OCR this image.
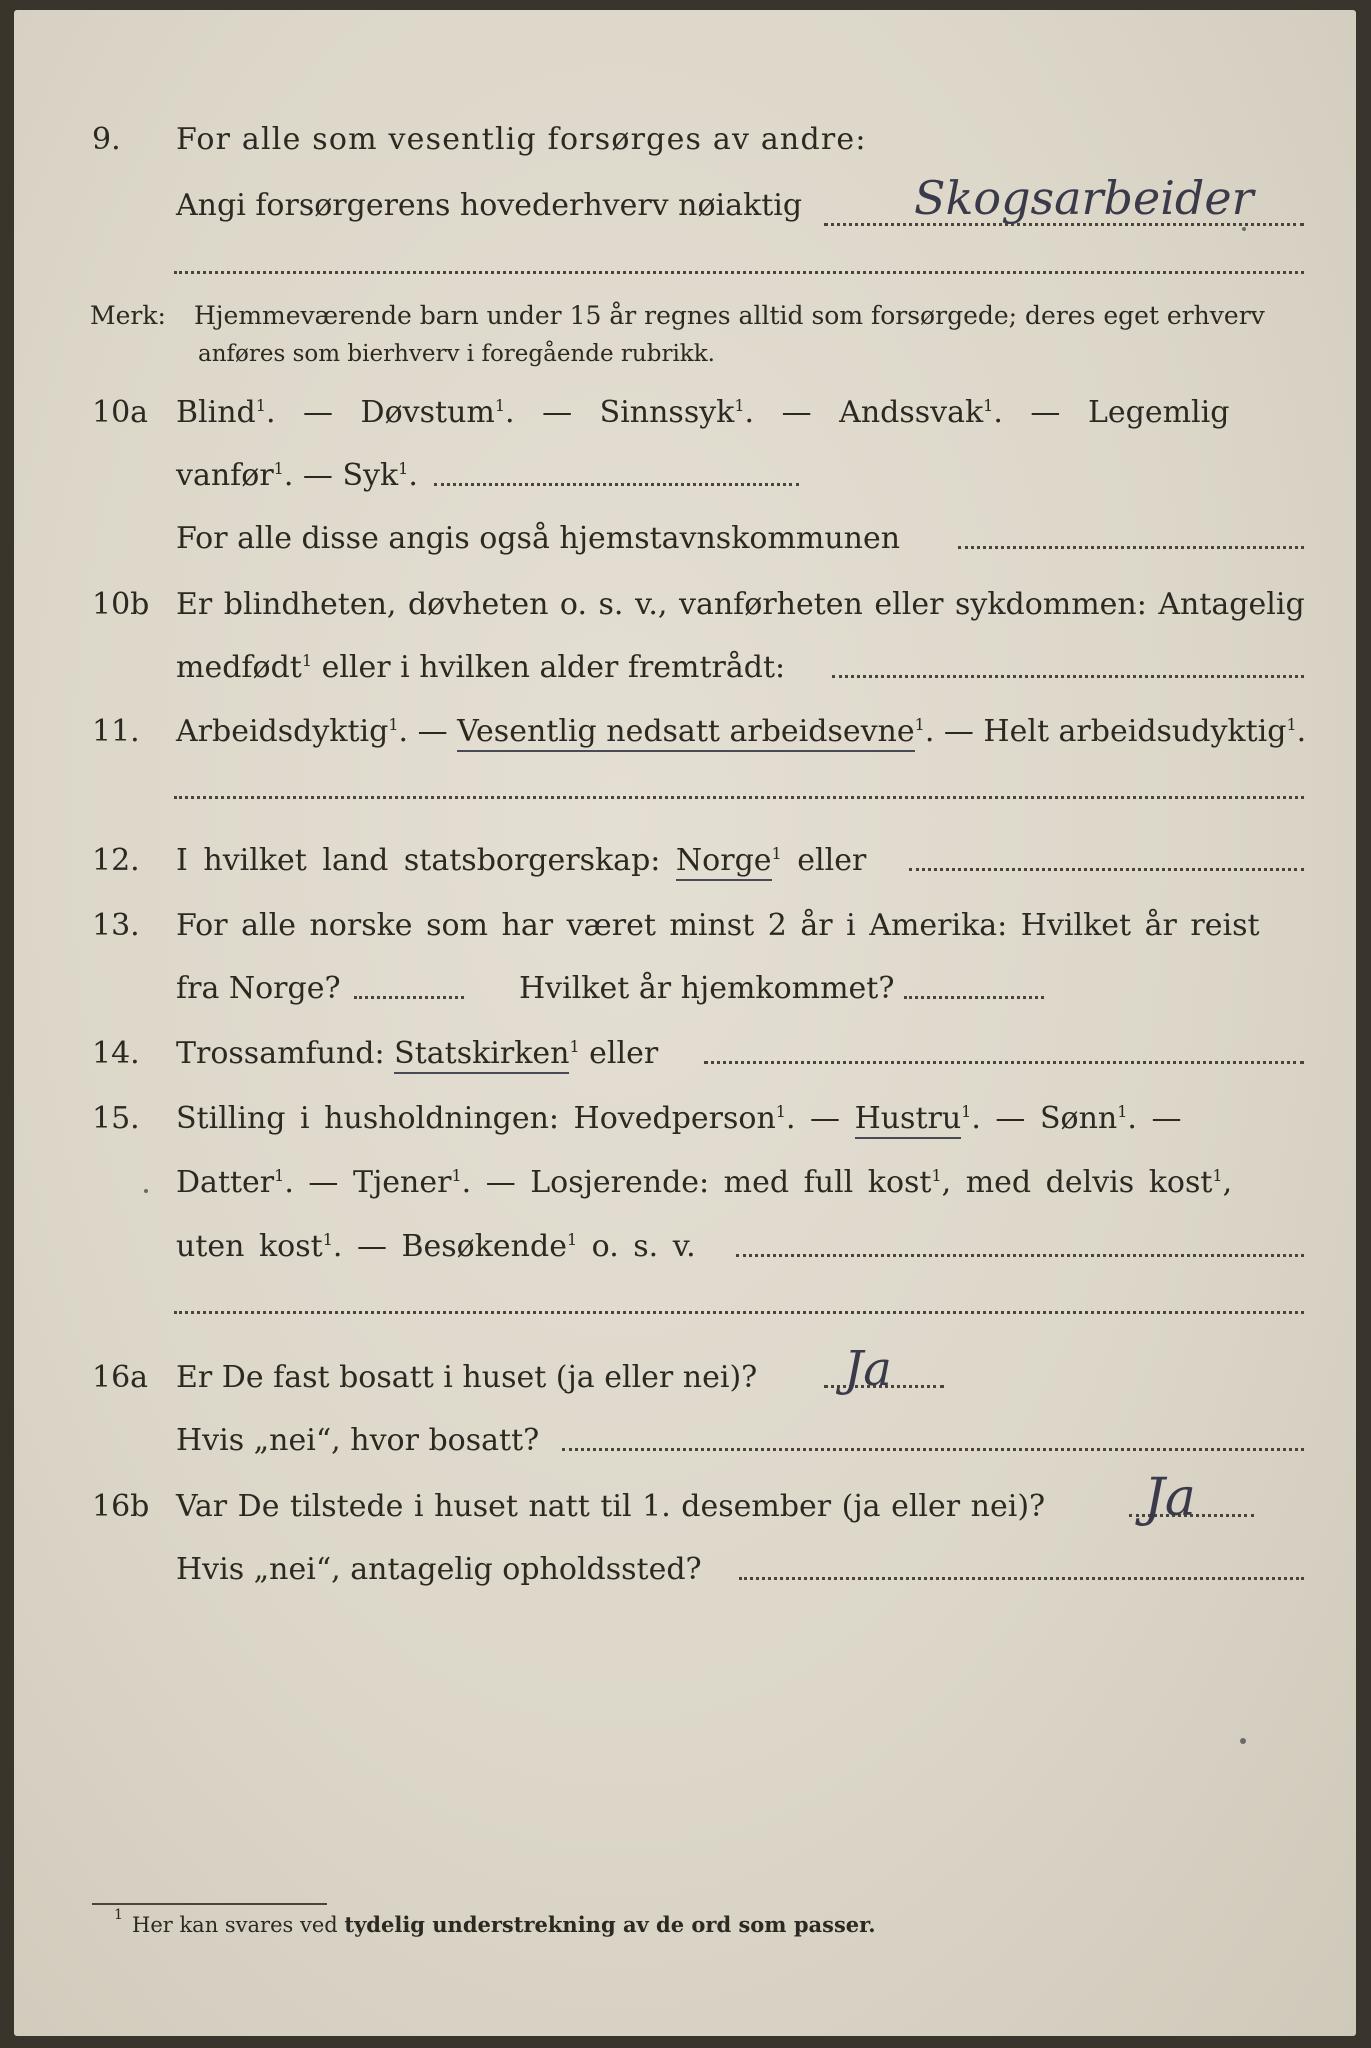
9. For alle som vesentlig forsørges av andre:
Angi forsørgerens hovederhverv nøiaktig Skogsarbeider
Merk: Hjemmeværende barn under 15 år regnes alltid som forsørgede; deres eget erhverv
anføres som bierhverv i foregående rubrikk.
10a Blind$^1$. — Døvstum$^1$. — Sinnssyk$^1$. — Andssvak$^1$. — Legemlig
vanfør$^1$. — Syk$^1$.
For alle disse angis også hjemstavnskommunen
10b Er blindheten, døvheten o. s. v., vanførheten eller sykdommen: Antagelig
medfødt$^1$ eller i hvilken alder fremtrådt:
11. Arbeidsdyktig$^1$. — Vesentlig nedsatt arbeidsevne$^1$. — Helt arbeidsudyktig$^1$.
12. I hvilket land statsborgerskap: Norge$^1$ eller
13. For alle norske som har været minst 2 år i Amerika: Hvilket år reist
fra Norge?	Hvilket år hjemkommet?
14. Trossamfund: Statskirken$^1$ eller
15. Stilling i husholdningen: Hovedperson$^1$. — Hustru$^1$. — Sønn$^1$. —
Datter$^1$. — Tjener$^1$. — Losjerende: med full kost$^1$, med delvis kost$^1$,
uten kost$^1$. — Besøkende$^1$ o. s. v.
16a Er De fast bosatt i huset (ja eller nei)? Ja
Hvis „nei“, hvor bosatt?
16b Var De tilstede i huset natt til 1. desember (ja eller nei)? Ja
Hvis „nei“, antagelig opholdssted?
1 Her kan svares ved tydelig understrekning av de ord som passer.
